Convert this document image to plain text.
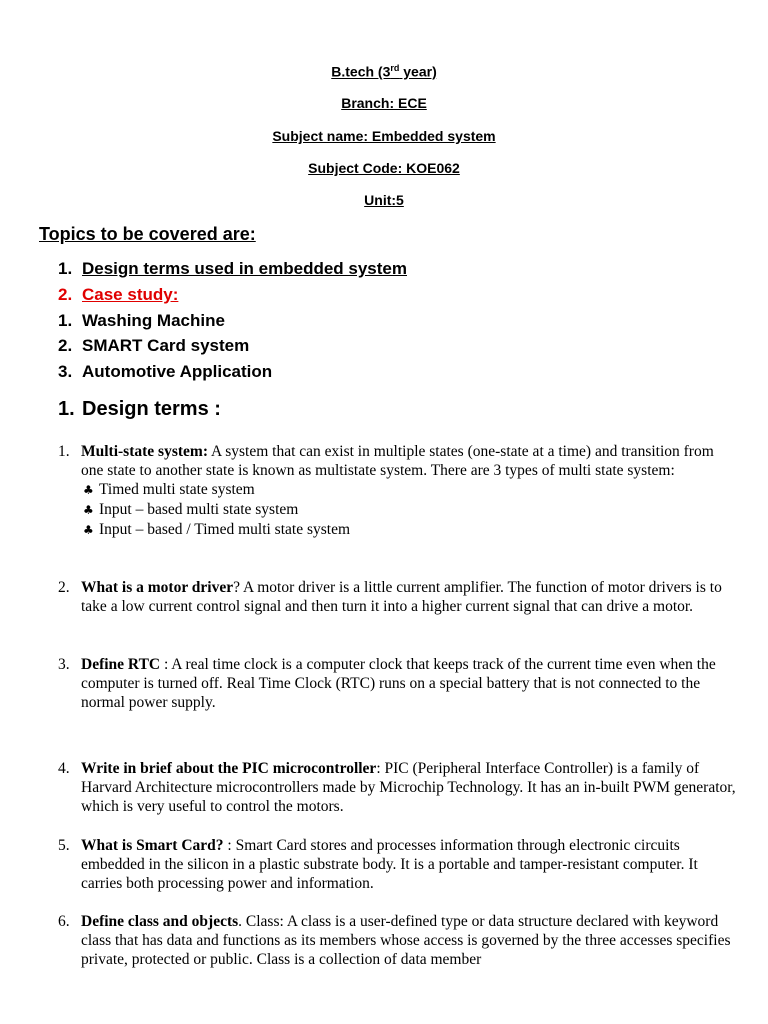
B.tech (3rd year)
Branch: ECE
Subject name: Embedded system
Subject Code: KOE062
Unit:5
Topics to be covered are:
1. Design terms used in embedded system
2. Case study:
1. Washing Machine
2. SMART Card system
3. Automotive Application
1. Design terms :
1. Multi-state system: A system that can exist in multiple states (one-state at a time) and transition from one state to another state is known as multistate system. There are 3 types of multi state system:
♣ Timed multi state system
♣ Input – based multi state system
♣ Input – based / Timed multi state system
2. What is a motor driver? A motor driver is a little current amplifier. The function of motor drivers is to take a low current control signal and then turn it into a higher current signal that can drive a motor.
3. Define RTC : A real time clock is a computer clock that keeps track of the current time even when the computer is turned off. Real Time Clock (RTC) runs on a special battery that is not connected to the normal power supply.
4. Write in brief about the PIC microcontroller: PIC (Peripheral Interface Controller) is a family of Harvard Architecture microcontrollers made by Microchip Technology. It has an in-built PWM generator, which is very useful to control the motors.
5. What is Smart Card? : Smart Card stores and processes information through electronic circuits embedded in the silicon in a plastic substrate body. It is a portable and tamper-resistant computer. It carries both processing power and information.
6. Define class and objects. Class: A class is a user-defined type or data structure declared with keyword class that has data and functions as its members whose access is governed by the three accesses specifies private, protected or public. Class is a collection of data member
